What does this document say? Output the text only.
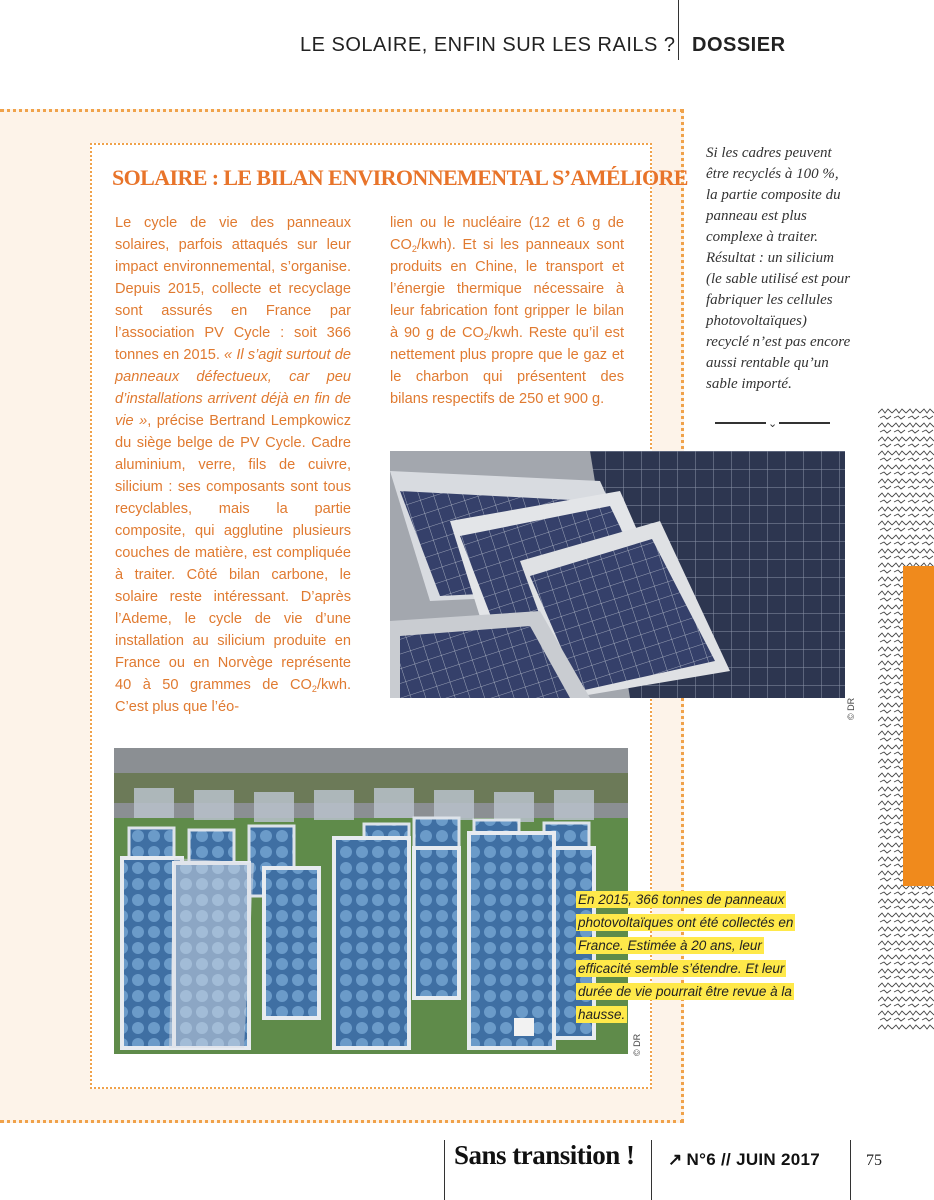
LE SOLAIRE, ENFIN SUR LES RAILS ? DOSSIER
SOLAIRE : LE BILAN ENVIRONNEMENTAL S’AMÉLIORE
Le cycle de vie des panneaux solaires, parfois attaqués sur leur impact environnemental, s’organise. Depuis 2015, collecte et recyclage sont assurés en France par l’association PV Cycle : soit 366 tonnes en 2015. « Il s’agit surtout de panneaux défectueux, car peu d’installations arrivent déjà en fin de vie », précise Bertrand Lempkowicz du siège belge de PV Cycle. Cadre aluminium, verre, fils de cuivre, silicium : ses composants sont tous recyclables, mais la partie composite, qui agglutine plusieurs couches de matière, est compliquée à traiter. Côté bilan carbone, le solaire reste intéressant. D’après l’Ademe, le cycle de vie d’une installation au silicium produite en France ou en Norvège représente 40 à 50 grammes de $CO_2$/kwh. C’est plus que l’éo-
lien ou le nucléaire (12 et 6 g de $CO_2/kwh$). Et si les panneaux sont produits en Chine, le transport et l’énergie thermique nécessaire à leur fabrication font gripper le bilan à 90 g de $CO_2$/kwh. Reste qu’il est nettement plus propre que le gaz et le charbon qui présentent des bilans respectifs de 250 et 900 g.
Si les cadres peuvent être recyclés à 100 %, la partie composite du panneau est plus complexe à traiter. Résultat : un silicium (le sable utilisé est pour fabriquer les cellules photovoltaïques) recyclé n’est pas encore aussi rentable qu’un sable importé.
⌄
© DR
© DR
En 2015, 366 tonnes de panneaux photovoltaïques ont été collectés en France. Estimée à 20 ans, leur efficacité semble s’étendre. Et leur durée de vie pourrait être revue à la hausse.
Sans transition ! ↗ N°6 // JUIN 2017	75
